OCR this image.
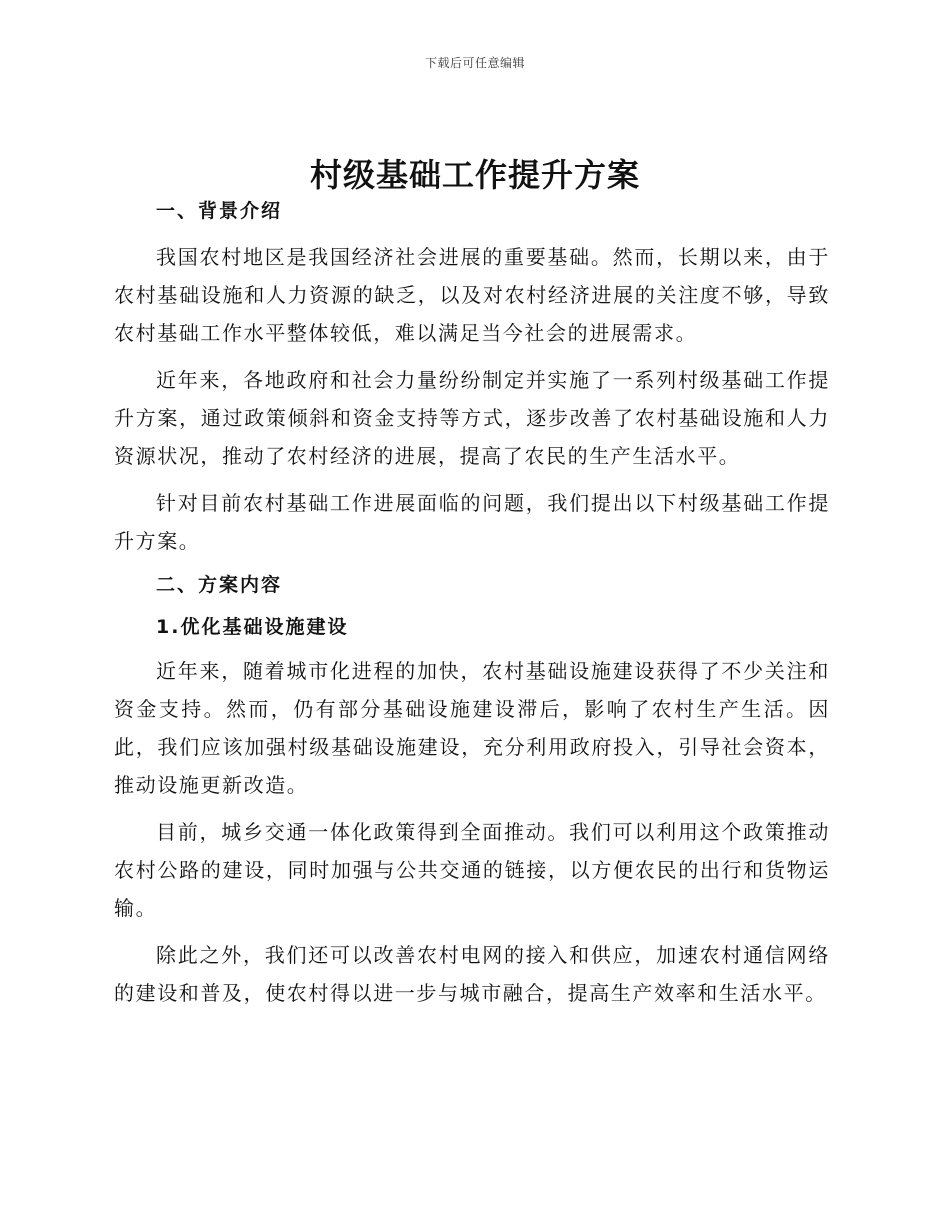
下载后可任意编辑
村级基础工作提升方案
一、背景介绍

我国农村地区是我国经济社会进展的重要基础。然而，长期以来，由于农村基础设施和人力资源的缺乏，以及对农村经济进展的关注度不够，导致农村基础工作水平整体较低，难以满足当今社会的进展需求。

近年来，各地政府和社会力量纷纷制定并实施了一系列村级基础工作提升方案，通过政策倾斜和资金支持等方式，逐步改善了农村基础设施和人力资源状况，推动了农村经济的进展，提高了农民的生产生活水平。

针对目前农村基础工作进展面临的问题，我们提出以下村级基础工作提升方案。

二、方案内容
1.优化基础设施建设

近年来，随着城市化进程的加快，农村基础设施建设获得了不少关注和资金支持。然而，仍有部分基础设施建设滞后，影响了农村生产生活。因此，我们应该加强村级基础设施建设，充分利用政府投入，引导社会资本，推动设施更新改造。

目前，城乡交通一体化政策得到全面推动。我们可以利用这个政策推动农村公路的建设，同时加强与公共交通的链接，以方便农民的出行和货物运输。

除此之外，我们还可以改善农村电网的接入和供应，加速农村通信网络的建设和普及，使农村得以进一步与城市融合，提高生产效率和生活水平。
